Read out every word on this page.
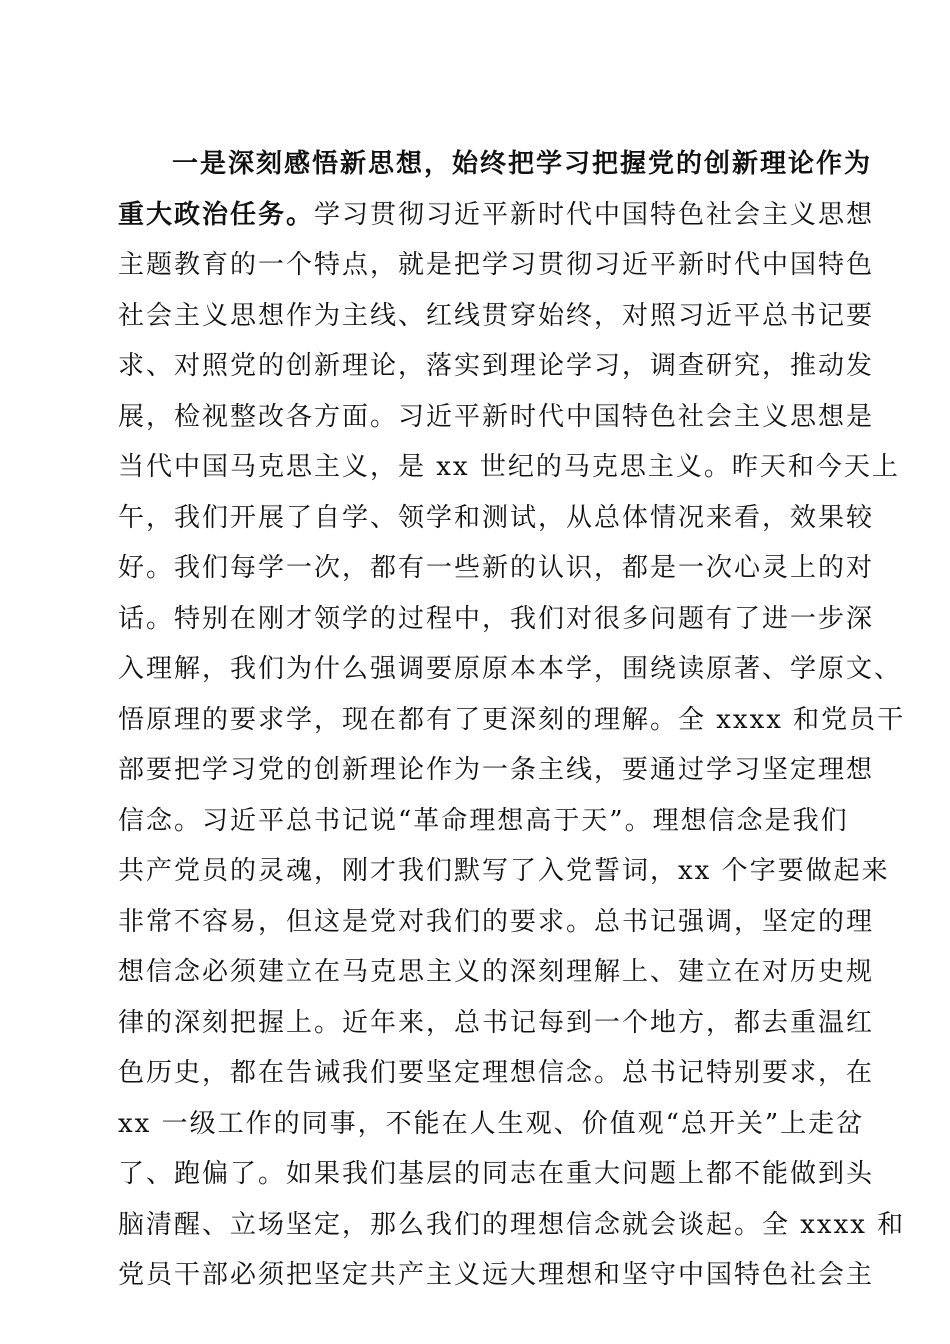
一是深刻感悟新思想，始终把学习把握党的创新理论作为
重大政治任务。学习贯彻习近平新时代中国特色社会主义思想
主题教育的一个特点，就是把学习贯彻习近平新时代中国特色
社会主义思想作为主线、红线贯穿始终，对照习近平总书记要
求、对照党的创新理论，落实到理论学习，调查研究，推动发
展，检视整改各方面。习近平新时代中国特色社会主义思想是
当代中国马克思主义，是 xx 世纪的马克思主义。昨天和今天上
午，我们开展了自学、领学和测试，从总体情况来看，效果较
好。我们每学一次，都有一些新的认识，都是一次心灵上的对
话。特别在刚才领学的过程中，我们对很多问题有了进一步深
入理解，我们为什么强调要原原本本学，围绕读原著、学原文、
悟原理的要求学，现在都有了更深刻的理解。全 xxxx 和党员干
部要把学习党的创新理论作为一条主线，要通过学习坚定理想
信念。习近平总书记说“革命理想高于天”。理想信念是我们
共产党员的灵魂，刚才我们默写了入党誓词，xx 个字要做起来
非常不容易，但这是党对我们的要求。总书记强调，坚定的理
想信念必须建立在马克思主义的深刻理解上、建立在对历史规
律的深刻把握上。近年来，总书记每到一个地方，都去重温红
色历史，都在告诫我们要坚定理想信念。总书记特别要求，在
xx 一级工作的同事，不能在人生观、价值观“总开关”上走岔
了、跑偏了。如果我们基层的同志在重大问题上都不能做到头
脑清醒、立场坚定，那么我们的理想信念就会谈起。全 xxxx 和
党员干部必须把坚定共产主义远大理想和坚守中国特色社会主
